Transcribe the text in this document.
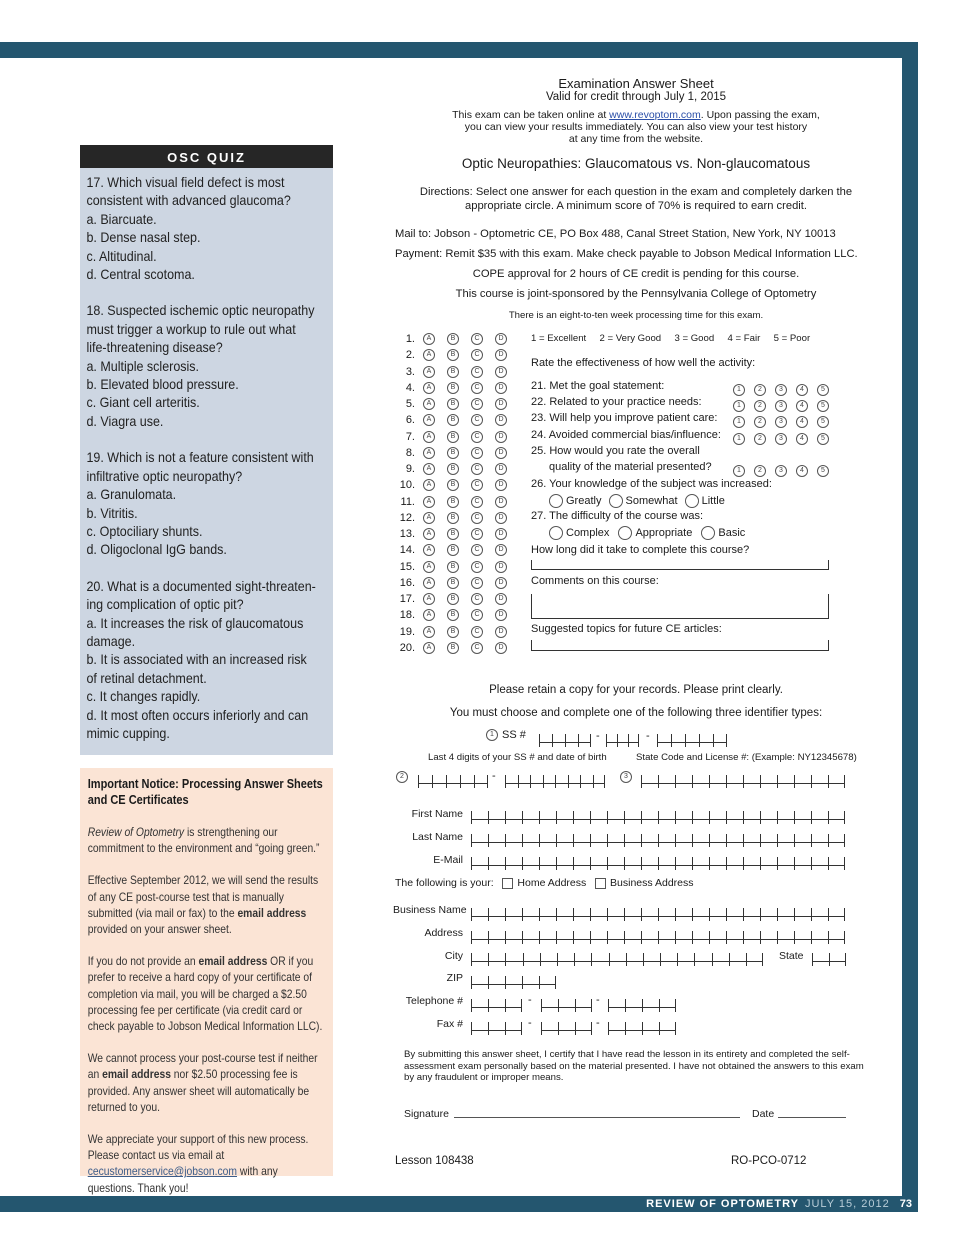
REVIEW OF OPTOMETRY JULY 15, 2012 73
OSC QUIZ
17. Which visual field defect is most
consistent with advanced glaucoma?
a. Biarcuate.
b. Dense nasal step.
c. Altitudinal.
d. Central scotoma.
18. Suspected ischemic optic neuropathy
must trigger a workup to rule out what
life-threatening disease?
a. Multiple sclerosis.
b. Elevated blood pressure.
c. Giant cell arteritis.
d. Viagra use.
19. Which is not a feature consistent with
infiltrative optic neuropathy?
a. Granulomata.
b. Vitritis.
c. Optociliary shunts.
d. Oligoclonal IgG bands.
20. What is a documented sight-threaten-
ing complication of optic pit?
a. It increases the risk of glaucomatous
damage.
b. It is associated with an increased risk
of retinal detachment.
c. It changes rapidly.
d. It most often occurs inferiorly and can
mimic cupping.
Important Notice: Processing Answer Sheets and CE Certificates

Review of Optometry is strengthening our commitment to the environment and “going green.”

Effective September 2012, we will send the results of any CE post-course test that is manually submitted (via mail or fax) to the email address provided on your answer sheet.

If you do not provide an email address OR if you prefer to receive a hard copy of your certificate of completion via mail, you will be charged a $2.50 processing fee per certificate (via credit card or check payable to Jobson Medical Information LLC).

We cannot process your post-course test if neither an email address nor $2.50 processing fee is provided. Any answer sheet will automatically be returned to you.

We appreciate your support of this new process. Please contact us via email at cecustomerservice@jobson.com with any questions. Thank you!

Examination Answer Sheet
Valid for credit through July 1, 2015
This exam can be taken online at www.revoptom.com. Upon passing the exam,
you can view your results immediately. You can also view your test history
at any time from the website.
Optic Neuropathies: Glaucomatous vs. Non-glaucomatous
Directions: Select one answer for each question in the exam and completely darken the
appropriate circle. A minimum score of 70% is required to earn credit.
Mail to: Jobson - Optometric CE, PO Box 488, Canal Street Station, New York, NY 10013
Payment: Remit $35 with this exam. Make check payable to Jobson Medical Information LLC.
COPE approval for 2 hours of CE credit is pending for this course.
This course is joint-sponsored by the Pennsylvania College of Optometry
There is an eight-to-ten week processing time for this exam.
1. A	B	C	D
2. A	B	C	D
3. A	B	C	D
4. A	B	C	D
5. A	B	C	D
6. A	B	C	D
7. A	B	C	D
8. A	B	C	D
9. A	B	C	D
10. A	B	C	D
11. A	B	C	D
12. A	B	C	D
13. A	B	C	D
14. A	B	C	D
15. A	B	C	D
16. A	B	C	D
17. A	B	C	D
18. A	B	C	D
19. A	B	C	D
20. A	B	C	D
1 = Excellent     2 = Very Good     3 = Good     4 = Fair     5 = Poor
Rate the effectiveness of how well the activity:
21. Met the goal statement:	1 2 3 4 5
22. Related to your practice needs:	1 2 3 4 5
23. Will help you improve patient care:	1 2 3 4 5
24. Avoided commercial bias/influence:	1 2 3 4 5
25. How would you rate the overall
quality of the material presented?	1 2 3 4 5
26. Your knowledge of the subject was increased:
Greatly Somewhat Little
27. The difficulty of the course was:
Complex Appropriate Basic
How long did it take to complete this course?
Comments on this course:
Suggested topics for future CE articles:
Please retain a copy for your records. Please print clearly.
You must choose and complete one of the following three identifier types:
1 SS #	-	-
Last 4 digits of your SS # and date of birth	State Code and License #: (Example: NY12345678)
2	3
-
First Name
Last Name
E-Mail
The following is your: Home Address Business Address
Business Name
Address
City	State
ZIP
Telephone #
Fax #
-	-
-	-
By submitting this answer sheet, I certify that I have read the lesson in its entirety and completed the self-assessment exam personally based on the material presented. I have not obtained the answers to this exam by any fraudulent or improper means.
Signature	Date
Lesson 108438	RO-PCO-0712
